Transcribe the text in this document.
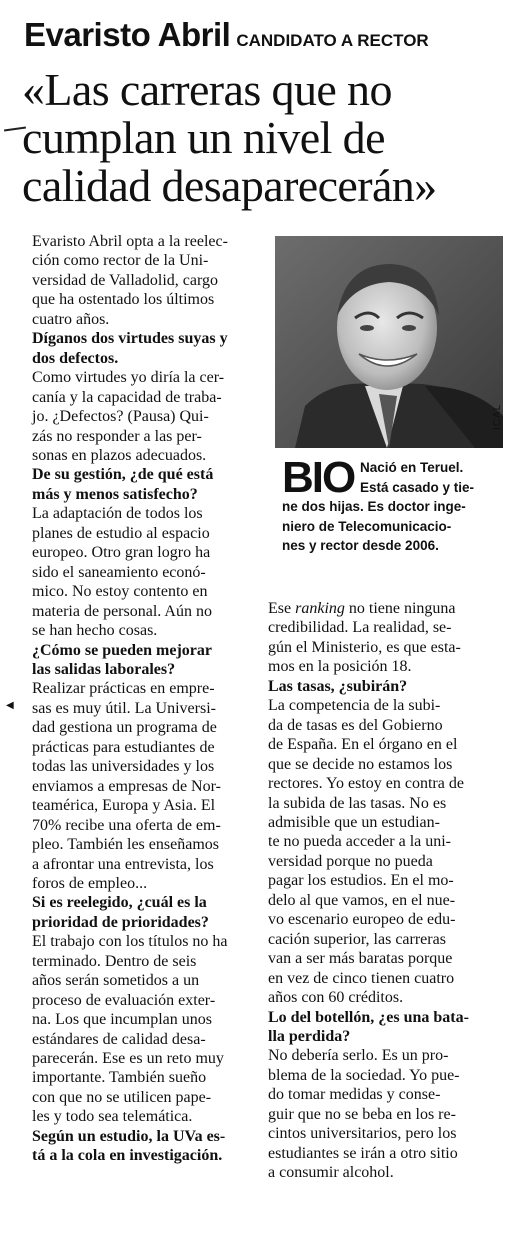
Evaristo Abril CANDIDATO A RECTOR
«Las carreras que no
cumplan un nivel de
calidad desaparecerán»
◀
ICAL
BIO Nació en Teruel.
Está casado y tie-
ne dos hijas. Es doctor inge-
niero de Telecomunicacio-
nes y rector desde 2006.

Evaristo Abril opta a la reelec-
ción como rector de la Uni-
versidad de Valladolid, cargo
que ha ostentado los últimos
cuatro años.

Díganos dos virtudes suyas y
dos defectos.

Como virtudes yo diría la cer-
canía y la capacidad de traba-
jo. ¿Defectos? (Pausa) Qui-
zás no responder a las per-
sonas en plazos adecuados.

De su gestión, ¿de qué está
más y menos satisfecho?

La adaptación de todos los
planes de estudio al espacio
europeo. Otro gran logro ha
sido el saneamiento econó-
mico. No estoy contento en
materia de personal. Aún no
se han hecho cosas.

¿Cómo se pueden mejorar
las salidas laborales?

Realizar prácticas en empre-
sas es muy útil. La Universi-
dad gestiona un programa de
prácticas para estudiantes de
todas las universidades y los
enviamos a empresas de Nor-
teamérica, Europa y Asia. El
70% recibe una oferta de em-
pleo. También les enseñamos
a afrontar una entrevista, los
foros de empleo...

Si es reelegido, ¿cuál es la
prioridad de prioridades?

El trabajo con los títulos no ha
terminado. Dentro de seis
años serán sometidos a un
proceso de evaluación exter-
na. Los que incumplan unos
estándares de calidad desa-
parecerán. Ese es un reto muy
importante. También sueño
con que no se utilicen pape-
les y todo sea telemática.

Según un estudio, la UVa es-
tá a la cola en investigación.

Ese ranking no tiene ninguna
credibilidad. La realidad, se-
gún el Ministerio, es que esta-
mos en la posición 18.

Las tasas, ¿subirán?

La competencia de la subi-
da de tasas es del Gobierno
de España. En el órgano en el
que se decide no estamos los
rectores. Yo estoy en contra de
la subida de las tasas. No es
admisible que un estudian-
te no pueda acceder a la uni-
versidad porque no pueda
pagar los estudios. En el mo-
delo al que vamos, en el nue-
vo escenario europeo de edu-
cación superior, las carreras
van a ser más baratas porque
en vez de cinco tienen cuatro
años con 60 créditos.

Lo del botellón, ¿es una bata-
lla perdida?

No debería serlo. Es un pro-
blema de la sociedad. Yo pue-
do tomar medidas y conse-
guir que no se beba en los re-
cintos universitarios, pero los
estudiantes se irán a otro sitio
a consumir alcohol.
